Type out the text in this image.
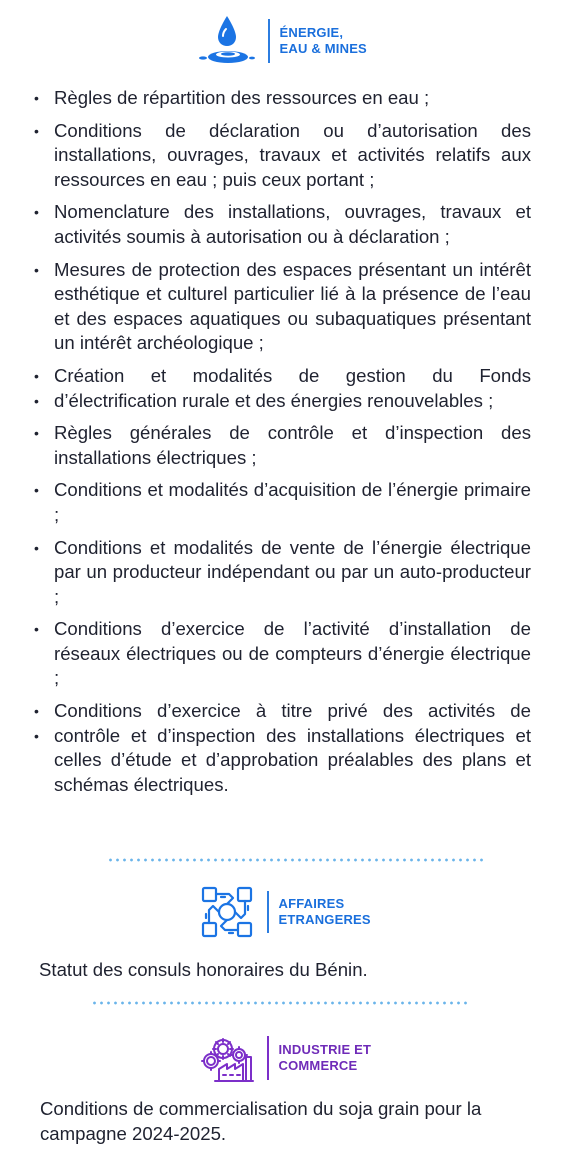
ÉNERGIE,
EAU & MINES
• Règles de répartition des ressources en eau ;
• Conditions de déclaration ou d’autorisation des installations, ouvrages, travaux et activités relatifs aux ressources en eau ; puis ceux portant ;
• Nomenclature des installations, ouvrages, travaux et activités soumis à autorisation ou à déclaration ;
• Mesures de protection des espaces présentant un intérêt esthétique et culturel particulier lié à la présence de l’eau et des espaces aquatiques ou subaquatiques présentant un intérêt archéologique ;
•
•
Création et modalités de gestion du Fonds d’électrification rurale et des énergies renouvelables ;
• Règles générales de contrôle et d’inspection des installations électriques ;
• Conditions et modalités d’acquisition de l’énergie primaire ;
• Conditions et modalités de vente de l’énergie électrique par un producteur indépendant ou par un auto-producteur ;
• Conditions d’exercice de l’activité d’installation de réseaux électriques ou de compteurs d’énergie électrique ;
•
•
Conditions d’exercice à titre privé des activités de contrôle et d’inspection des installations électriques et celles d’étude et d’approbation préalables des plans et schémas électriques.
AFFAIRES
ETRANGERES
Statut des consuls honoraires du Bénin.
INDUSTRIE ET
COMMERCE
Conditions de commercialisation du soja grain pour la campagne 2024-2025.
